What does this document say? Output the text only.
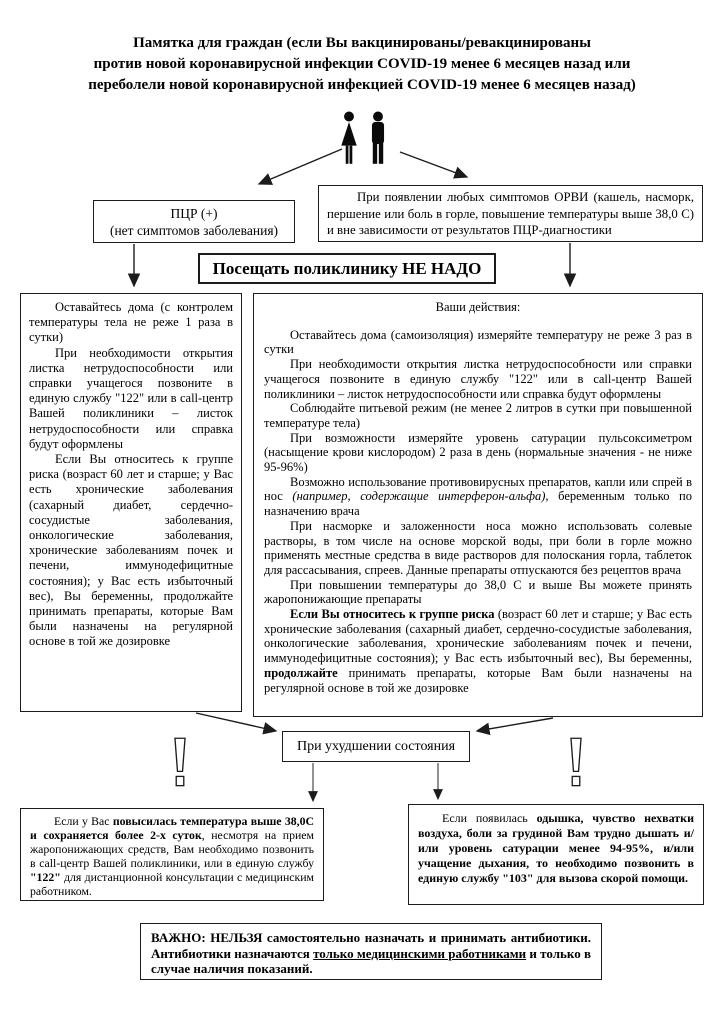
Памятка для граждан (если Вы вакцинированы/ревакцинированы
против новой коронавирусной инфекции COVID-19 менее 6 месяцев назад или
переболели новой коронавирусной инфекцией COVID-19 менее 6 месяцев назад)
ПЦР (+)
(нет симптомов заболевания)
При появлении любых симптомов ОРВИ (кашель, насморк, першение или боль в горле, повышение температуры выше 38,0 С) и вне зависимости от результатов ПЦР-диагностики
Посещать поликлинику НЕ НАДО

Оставайтесь дома (с контролем температуры тела не реже 1 раза в сутки)

При необходимости открытия листка нетрудоспособности или справки учащегося позвоните в единую службу "122" или в call-центр Вашей поликлиники – листок нетрудоспособности или справка будут оформлены

Если Вы относитесь к группе риска (возраст 60 лет и старше; у Вас есть хронические заболевания (сахарный диабет, сердечно-сосудистые заболевания, онкологические заболевания, хронические заболеваниям почек и печени, иммунодефицитные состояния); у Вас есть избыточный вес), Вы беременны, продолжайте принимать препараты, которые Вам были назначены на регулярной основе в той же дозировке

Ваши действия:

Оставайтесь дома (самоизоляция) измеряйте температуру не реже 3 раз в сутки

При необходимости открытия листка нетрудоспособности или справки учащегося позвоните в единую службу "122" или в call-центр Вашей поликлиники – листок нетрудоспособности или справка будут оформлены

Соблюдайте питьевой режим (не менее 2 литров в сутки при повышенной температуре тела)

При возможности измеряйте уровень сатурации пульсоксиметром (насыщение крови кислородом) 2 раза в день (нормальные значения - не ниже 95-96%)

Возможно использование противовирусных препаратов, капли или спрей в нос (например, содержащие интерферон-альфа), беременным только по назначению врача

При насморке и заложенности носа можно использовать солевые растворы, в том числе на основе морской воды, при боли в горле можно применять местные средства в виде растворов для полоскания горла, таблеток для рассасывания, спреев. Данные препараты отпускаются без рецептов врача

При повышении температуры до 38,0 С и выше Вы можете принять жаропонижающие препараты

Если Вы относитесь к группе риска (возраст 60 лет и старше; у Вас есть хронические заболевания (сахарный диабет, сердечно-сосудистые заболевания, онкологические заболевания, хронические заболеваниям почек и печени, иммунодефицитные состояния); у Вас есть избыточный вес), Вы беременны, продолжайте принимать препараты, которые Вам были назначены на регулярной основе в той же дозировке

При ухудшении состояния
Если у Вас повысилась температура выше 38,0С и сохраняется более 2-х суток, несмотря на прием жаропонижающих средств, Вам необходимо позвонить в call-центр Вашей поликлиники, или в единую службу "122" для дистанционной консультации с медицинским работником.
Если появилась одышка, чувство нехватки воздуха, боли за грудиной Вам трудно дышать и/или уровень сатурации менее 94-95%, и/или учащение дыхания, то необходимо позвонить в единую службу "103" для вызова скорой помощи.
ВАЖНО: НЕЛЬЗЯ самостоятельно назначать и принимать антибиотики. Антибиотики назначаются только медицинскими работниками и только в случае наличия показаний.
